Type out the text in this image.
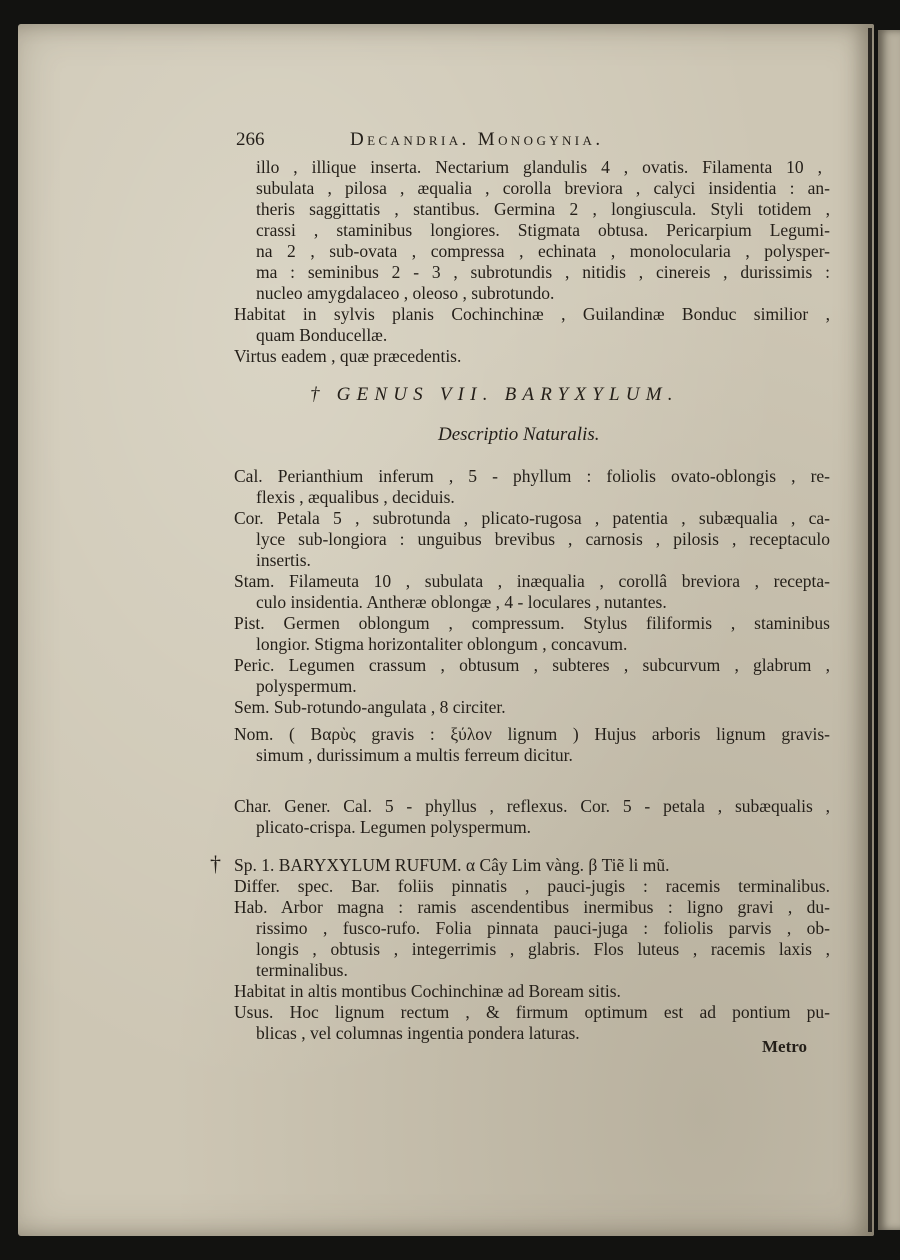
266	Decandria. Monogynia.
illo , illique inserta. Nectarium glandulis 4 , ovatis. Filamenta 10 ,
subulata , pilosa , æqualia , corolla breviora , calyci insidentia : an-
theris saggittatis , stantibus. Germina 2 , longiuscula. Styli totidem ,
crassi , staminibus longiores. Stigmata obtusa. Pericarpium Legumi-
na 2 , sub-ovata , compressa , echinata , monolocularia , polysper-
ma : seminibus 2 - 3 , subrotundis , nitidis , cinereis , durissimis :
nucleo amygdalaceo , oleoso , subrotundo.
Habitat in sylvis planis Cochinchinæ , Guilandinæ Bonduc similior ,
quam Bonducellæ.
Virtus eadem , quæ præcedentis.
† GENUS VII. BARYXYLUM.
Descriptio Naturalis.
Cal. Perianthium inferum , 5 - phyllum : foliolis ovato-oblongis , re-
flexis , æqualibus , deciduis.
Cor. Petala 5 , subrotunda , plicato-rugosa , patentia , subæqualia , ca-
lyce sub-longiora : unguibus brevibus , carnosis , pilosis , receptaculo
insertis.
Stam. Filameuta 10 , subulata , inæqualia , corollâ breviora , recepta-
culo insidentia. Antheræ oblongæ , 4 - loculares , nutantes.
Pist. Germen oblongum , compressum. Stylus filiformis , staminibus
longior. Stigma horizontaliter oblongum , concavum.
Peric. Legumen crassum , obtusum , subteres , subcurvum , glabrum ,
polyspermum.
Sem. Sub-rotundo-angulata , 8 circiter.
Nom. ( Βαρὺς gravis : ξύλον lignum ) Hujus arboris lignum gravis-
simum , durissimum a multis ferreum dicitur.
Char. Gener. Cal. 5 - phyllus , reflexus. Cor. 5 - petala , subæqualis ,
plicato-crispa. Legumen polyspermum.
† Sp. 1. BARYXYLUM RUFUM. α Cây Lim vàng. β Tiẽ li mũ.
Differ. spec. Bar. foliis pinnatis , pauci-jugis : racemis terminalibus.
Hab. Arbor magna : ramis ascendentibus inermibus : ligno gravi , du-
rissimo , fusco-rufo. Folia pinnata pauci-juga : foliolis parvis , ob-
longis , obtusis , integerrimis , glabris. Flos luteus , racemis laxis ,
terminalibus.
Habitat in altis montibus Cochinchinæ ad Boream sitis.
Usus. Hoc lignum rectum , & firmum optimum est ad pontium pu-
blicas , vel columnas ingentia pondera laturas.
Metro
